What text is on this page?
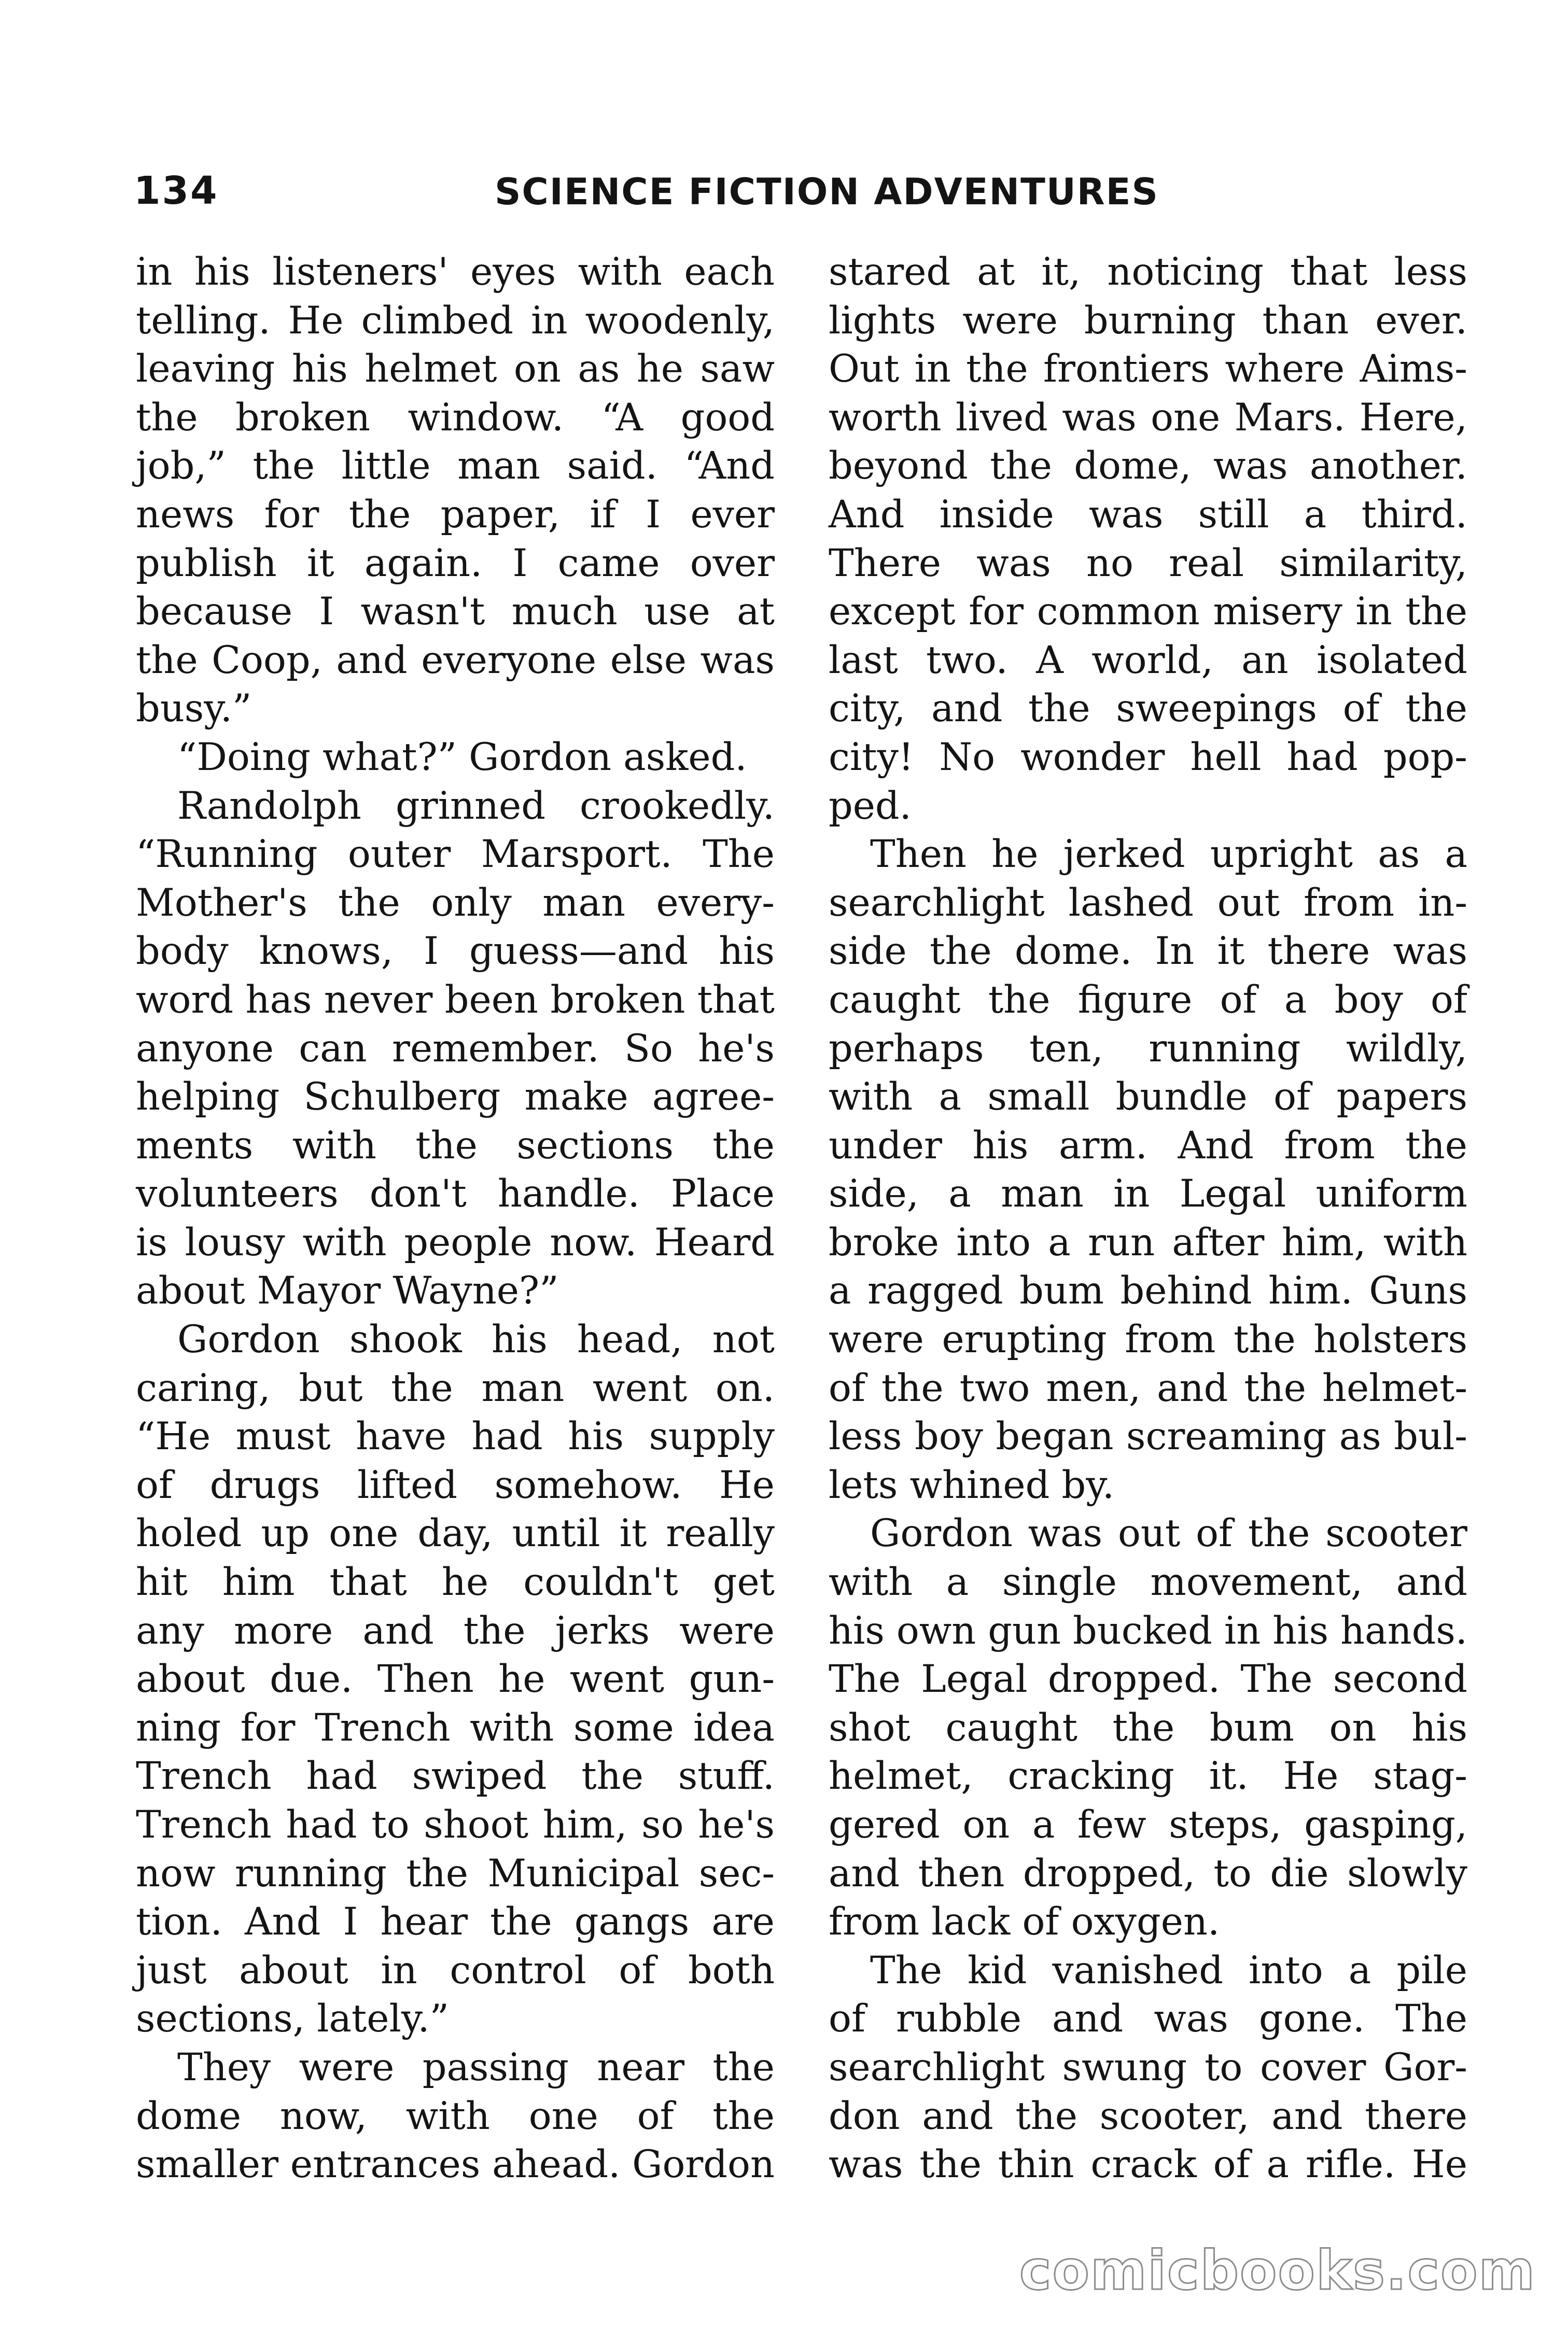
134	SCIENCE FICTION ADVENTURES
in his listeners' eyes with each
telling. He climbed in woodenly,
leaving his helmet on as he saw
the broken window. “A good
job,” the little man said. “And
news for the paper, if I ever
publish it again. I came over
because I wasn't much use at
the Coop, and everyone else was
busy.”
“Doing what?” Gordon asked.
Randolph grinned crookedly.
“Running outer Marsport. The
Mother's the only man every-
body knows, I guess—and his
word has never been broken that
anyone can remember. So he's
helping Schulberg make agree-
ments with the sections the
volunteers don't handle. Place
is lousy with people now. Heard
about Mayor Wayne?”
Gordon shook his head, not
caring, but the man went on.
“He must have had his supply
of drugs lifted somehow. He
holed up one day, until it really
hit him that he couldn't get
any more and the jerks were
about due. Then he went gun-
ning for Trench with some idea
Trench had swiped the stuff.
Trench had to shoot him, so he's
now running the Municipal sec-
tion. And I hear the gangs are
just about in control of both
sections, lately.”
They were passing near the
dome now, with one of the
smaller entrances ahead. Gordon
stared at it, noticing that less
lights were burning than ever.
Out in the frontiers where Aims-
worth lived was one Mars. Here,
beyond the dome, was another.
And inside was still a third.
There was no real similarity,
except for common misery in the
last two. A world, an isolated
city, and the sweepings of the
city! No wonder hell had pop-
ped.
Then he jerked upright as a
searchlight lashed out from in-
side the dome. In it there was
caught the figure of a boy of
perhaps ten, running wildly,
with a small bundle of papers
under his arm. And from the
side, a man in Legal uniform
broke into a run after him, with
a ragged bum behind him. Guns
were erupting from the holsters
of the two men, and the helmet-
less boy began screaming as bul-
lets whined by.
Gordon was out of the scooter
with a single movement, and
his own gun bucked in his hands.
The Legal dropped. The second
shot caught the bum on his
helmet, cracking it. He stag-
gered on a few steps, gasping,
and then dropped, to die slowly
from lack of oxygen.
The kid vanished into a pile
of rubble and was gone. The
searchlight swung to cover Gor-
don and the scooter, and there
was the thin crack of a rifle. He
comicbooks.com
